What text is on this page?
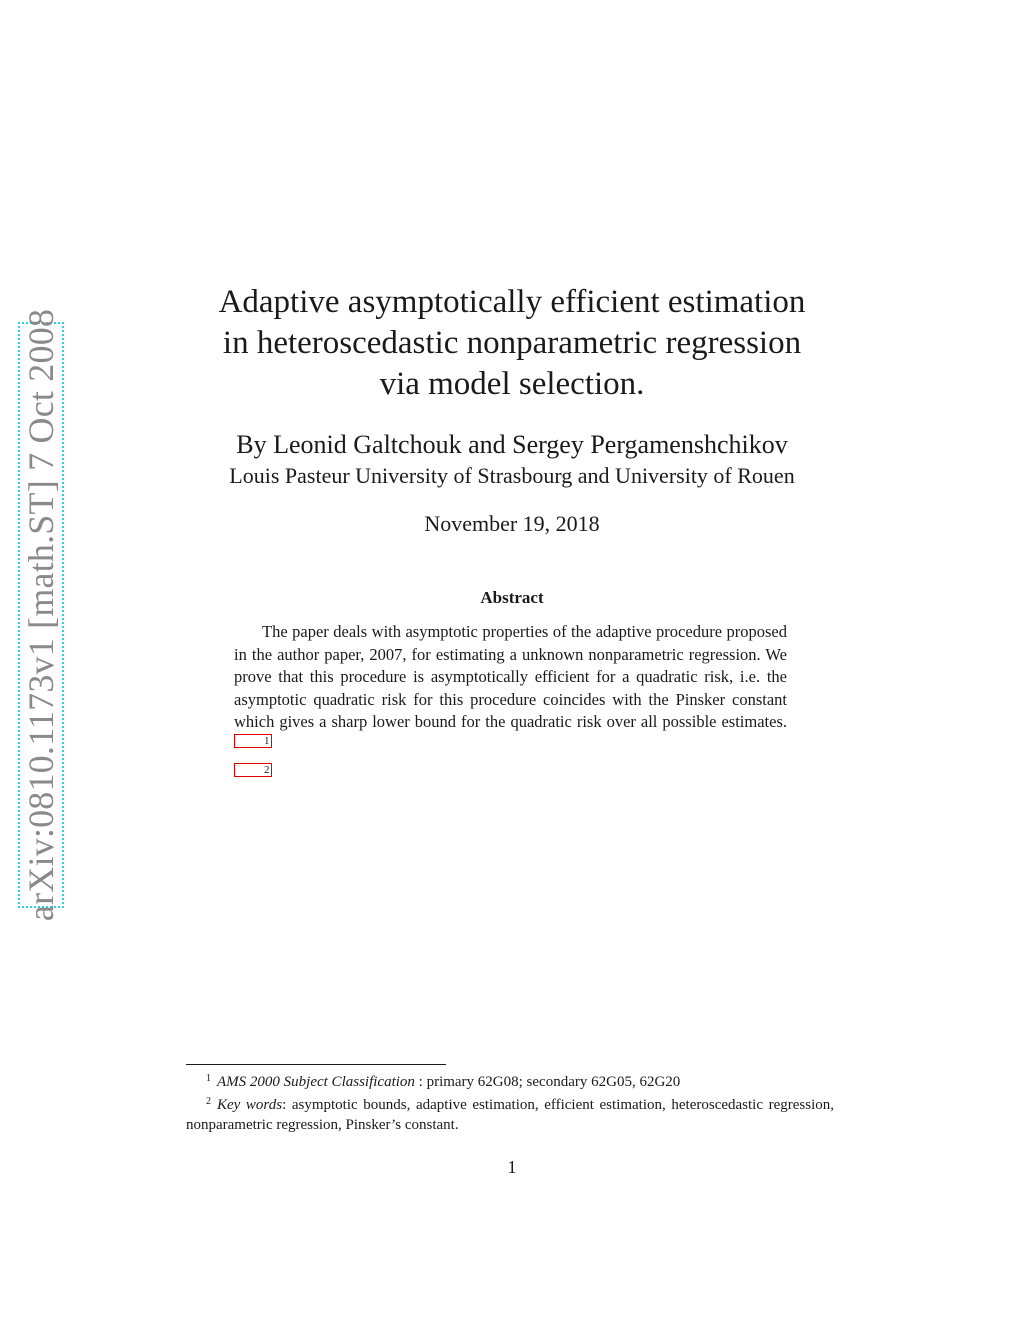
arXiv:0810.1173v1 [math.ST] 7 Oct 2008
Adaptive asymptotically efficient estimation
in heteroscedastic nonparametric regression
via model selection.
By Leonid Galtchouk and Sergey Pergamenshchikov
Louis Pasteur University of Strasbourg and University of Rouen
November 19, 2018
Abstract

The paper deals with asymptotic properties of the adaptive procedure proposed in the author paper, 2007, for estimating a unknown nonparametric regression. We prove that this procedure is asymptotically efficient for a quadratic risk, i.e. the asymptotic quadratic risk for this procedure coincides with the Pinsker constant which gives a sharp lower bound for the quadratic risk over all possible estimates. 1
2

$^1$ AMS 2000 Subject Classification : primary 62G08; secondary 62G05, 62G20

$^2$ Key words: asymptotic bounds, adaptive estimation, efficient estimation, heteroscedastic regression, nonparametric regression, Pinsker’s constant.

1
